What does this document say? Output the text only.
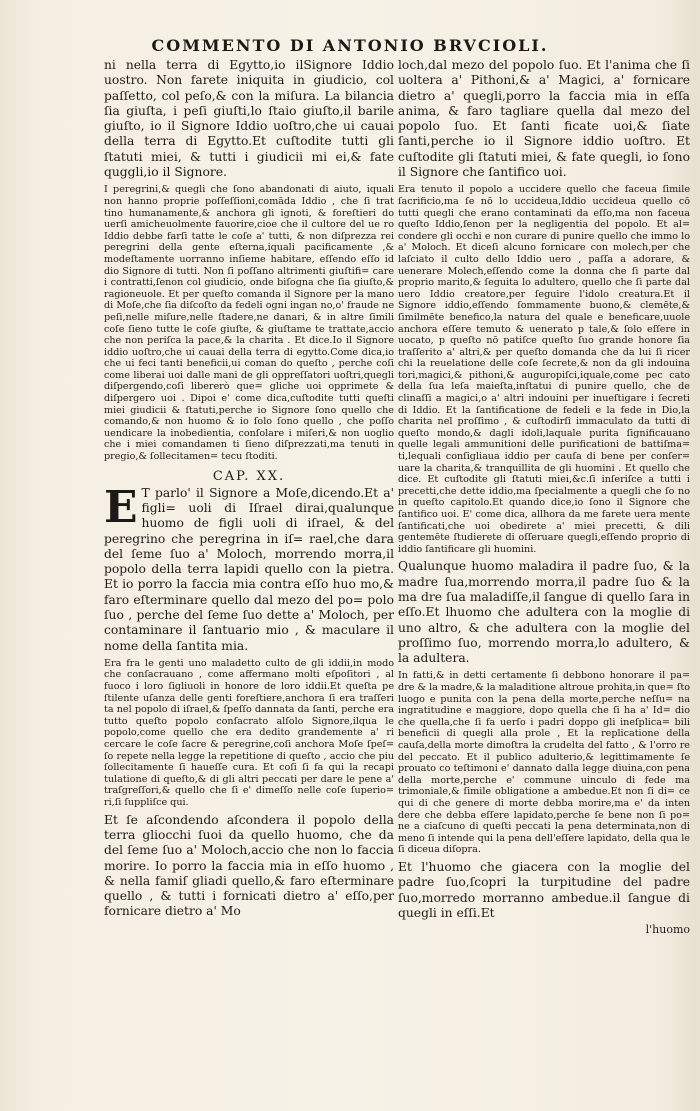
COMMENTO DI ANTONIO BRVCIOLI.

ni nella terra di Egytto,io ilSignore Iddio uostro. Non farete iniquita in giudicio, col paſſetto, col peſo,& con la miſura. La bilancia ſia giuſta, i peſi giuſti,lo ſtaio giuſto,il barile giuſto, io il Signore Iddio uoſtro,che ui cauai della terra di Egytto.Et cuſtodite tutti gli ſtatuti miei, & tutti i giudicii mi ei,& fate quggli,io il Signore.

I peregrini,& quegli che ſono abandonati di aiuto, iquali non hanno proprie poſſeſſioni,comāda Iddio , che ſi trat tino humanamente,& anchora gli ignoti, & foreſtieri do uerſi amicheuolmente fauorire,cioe che il cultore del ue ro Iddio debbe farſi tatte le coſe a' tutti, & non diſprezza rei peregrini della gente eſterna,iquali pacificamente ,& modeſtamente uorranno inſieme habitare, eſſendo eſſo id dio Signore di tutti. Non ſi poſſano altrimenti giuſtifi= care i contratti,ſenon col giudicio, onde biſogna che ſia giuſto,& ragioneuole. Et per queſto comanda il Signore per la mano di Moſe,che ſia diſcoſto da fedeli ogni ingan no,o' fraude ne peſi,nelle miſure,nelle ſtadere,ne danari, & in altre ſimili coſe ſieno tutte le coſe giuſte, & giuſtame te trattate,accio che non periſca la pace,& la charita . Et dice.Io il Signore iddio uoſtro,che ui cauai della terra di egytto.Come dica,io che ui feci tanti beneficii,ui coman do queſto , perche coſi come liberai uoi dalle mani de gli oppreſſatori uoſtri,quegli diſpergendo,coſi libererò que= gliche uoi opprimete & diſpergero uoi . Dipoi e' come dica,cuſtodite tutti queſti miei giudicii & ſtatuti,perche io Signore ſono quello che comando,& non huomo & io ſolo ſono quello , che poſſo uendicare la inobedientia, conſolare i miſeri,& non uoglio che i miei comandamen ti ſieno diſprezzati,ma tenuti in pregio,& ſollecitamen= tecu ſtoditi.

CAP. XX.

E T parlo' il Signore a Moſe,dicendo.Et a' figli= uoli di Iſrael dirai,qualunque huomo de figli uoli di iſrael, & del peregrino che peregrina in iſ= rael,che dara del ſeme ſuo a' Moloch, morrendo morra,il popolo della terra lapidi quello con la pietra. Et io porro la faccia mia contra eſſo huo mo,& faro eſterminare quello dal mezo del po= polo ſuo , perche del ſeme ſuo dette a' Moloch, per contaminare il ſantuario mio , & maculare il nome della ſantita mia.

Era fra le genti uno maladetto culto de gli iddii,in modo che conſacrauano , come affermano molti eſpoſitori , al fuoco i loro ſigliuoli in honore de loro iddii.Et queſta pe ſtilente uſanza delle genti foreſtiere,anchora ſi era traſſeri ta nel popolo di iſrael,& ſpeſſo dannata da ſanti, perche era tutto queſto popolo conſacrato alſolo Signore,ilqua le popolo,come quello che era dedito grandemente a' ri cercare le coſe ſacre & peregrine,coſi anchora Moſe ſpeſ= ſo repete nella legge la repetitione di queſto , accio che piu ſollecitamente ſi haueſſe cura. Et coſi ſi fa qui la recapi tulatione di queſto,& di gli altri peccati per dare le pene a' traſgreſſori,& quello che ſi e' dimeſſo nelle coſe ſuperio= ri,ſi ſuppliſce qui.

Et ſe aſcondendo aſcondera il popolo della terra gliocchi ſuoi da quello huomo, che da del ſeme ſuo a' Moloch,accio che non lo faccia morire. Io porro la faccia mia in eſſo huomo , & nella famiſ gliadi quello,& faro eſterminare quello , & tutti i fornicati dietro a' eſſo,per fornicare dietro a' Mo

loch,dal mezo del popolo ſuo. Et l'anima che ſi uoltera a' Pithoni,& a' Magici, a' fornicare dietro a' quegli,porro la faccia mia in eſſa anima, & faro tagliare quella dal mezo del popolo ſuo. Et ſanti ficate uoi,& ſiate ſanti,perche io il Signore iddio uoſtro. Et cuſtodite gli ſtatuti miei, & fate quegli, io ſono il Signore che ſantifico uoi.

Era tenuto il popolo a uccidere quello che faceua ſimile ſacrificio,ma ſe nō lo uccideua,Iddio uccideua quello cō tutti quegli che erano contaminati da eſſo,ma non faceua queſto Iddio,ſenon per la negligentia del popolo. Et al= condere gli occhi e non curare di punire quello che immo lo a' Moloch. Et diceſi alcuno fornicare con molech,per che laſciato il culto dello Iddio uero , paſſa a adorare, & uenerare Molech,eſſendo come la donna che ſi parte dal proprio marito,& ſeguita lo adultero, quello che ſi parte dal uero Iddio creatore,per ſeguire l'idolo creatura.Et il Signore iddio,eſſendo ſommamente buono,& clemēte,& ſimilmēte benefico,la natura del quale e beneficare,uuole anchora eſſere temuto & uenerato p tale,& ſolo eſſere in uocato, p queſto nō patiſce queſto ſuo grande honore ſia traſſerito a' altri,& per queſto domanda che da lui ſi ricer chi la reuelatione delle coſe ſecrete,& non da gli indouina tori,magici,& pithoni,& auguropiſci,iquale,come pec cato della ſua leſa maieſta,inſtatui di punire quello, che de clinaſſi a magici,o a' altri indouini per inueſtigare i ſecreti di Iddio. Et la ſantificatione de fedeli e la fede in Dio,la charita nel proſſimo , & cuſtodirſi immaculato da tutti di queſto mondo,& dagli idoli,laquale purita ſignificauano quelle legali ammunitioni delle purificationi de battiſma= ti,lequali conſigliaua iddio per cauſa di bene per conſer= uare la charita,& tranquillita de gli huomini . Et quello che dice. Et cuſtodite gli ſtatuti miei,&c.ſi inſeriſce a tutti i precetti,che dette iddio,ma ſpecialmente a quegli che ſo no in queſto capitolo.Et quando dice,io ſono il Signore che ſantifico uoi. E' come dica, allhora da me farete uera mente ſantificati,che uoi obedirete a' miei precetti, & dili gentemēte ſtudierete di oſſeruare quegli,eſſendo proprio di iddio ſantificare gli huomini.

Qualunque huomo maladira il padre ſuo, & la madre ſua,morrendo morra,il padre ſuo & la ma dre ſua maladiſſe,il ſangue di quello ſara in eſſo.Et lhuomo che adultera con la moglie di uno altro, & che adultera con la moglie del proſſimo ſuo, morrendo morra,lo adultero, & la adultera.

In fatti,& in detti certamente ſi debbono honorare il pa= dre & la madre,& la maladitione altroue prohita,in que= ſto luogo e punita con la pena della morte,perche neſſu= na ingratitudine e maggiore, dopo quella che ſi ha a' Id= dio che quella,che ſi fa uerſo i padri doppo gli ineſplica= bili beneficii di quegli alla prole , Et la replicatione della cauſa,della morte dimoſtra la crudelta del fatto , & l'orro re del peccato. Et il publico adulterio,& legittimamente ſe prouato co teſtimoni e' dannato dalla legge diuina,con pena della morte,perche e' commune uinculo di fede ma trimoniale,& ſimile obligatione a ambedue.Et non ſi di= ce qui di che genere di morte debba morire,ma e' da inten dere che debba eſſere lapidato,perche ſe bene non ſi po= ne a ciaſcuno di queſti peccati la pena determinata,non di meno ſi intende qui la pena dell'eſſere lapidato, della qua le ſi diceua diſopra.

Et l'huomo che giacera con la moglie del padre ſuo,ſcopri la turpitudine del padre ſuo,morredo morranno ambedue.il ſangue di quegli in eſſi.Et

l'huomo
